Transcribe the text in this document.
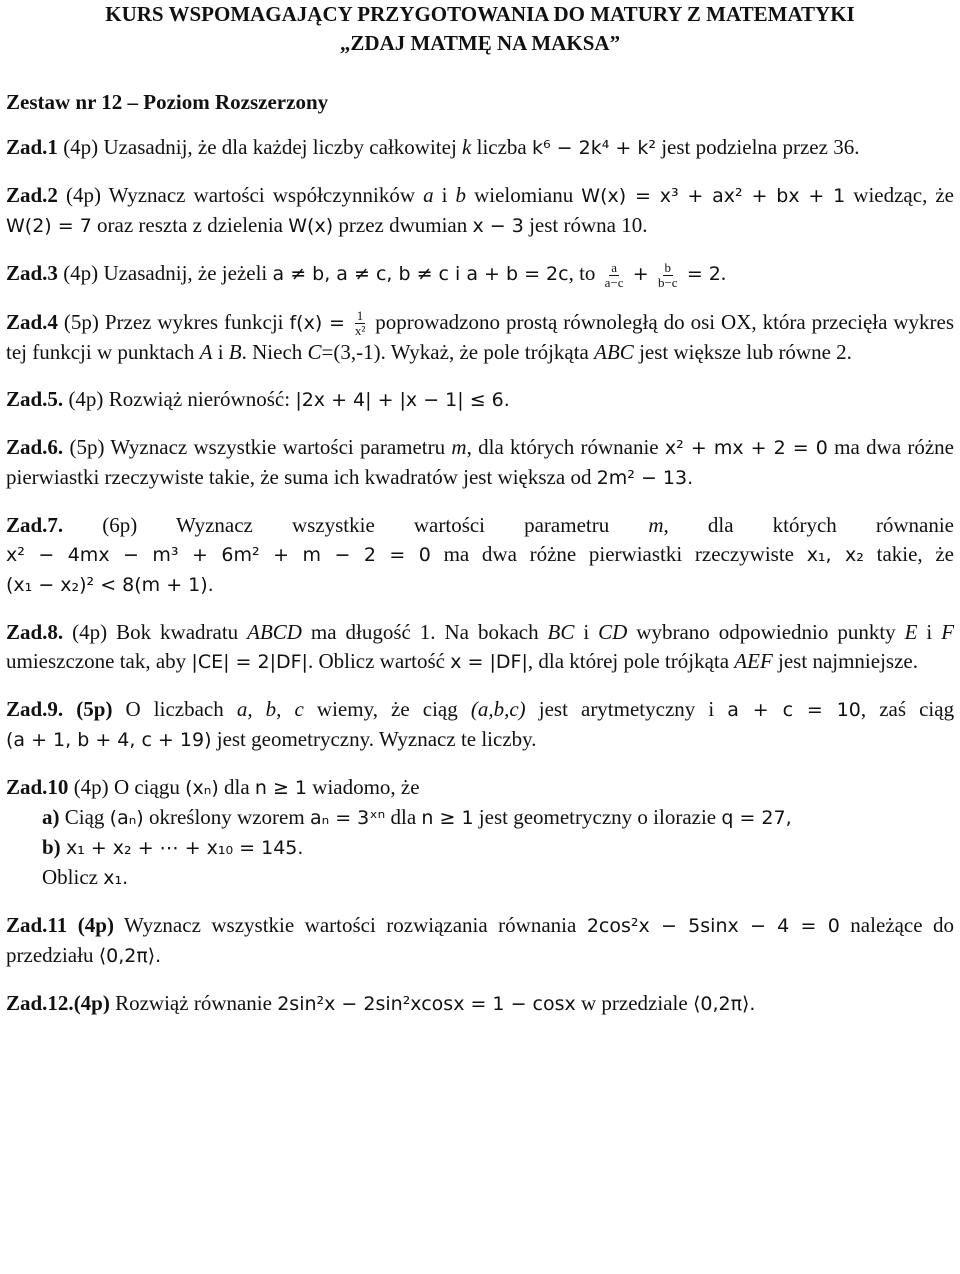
KURS WSPOMAGAJĄCY PRZYGOTOWANIA DO MATURY Z MATEMATYKI
„ZDAJ MATMĘ NA MAKSA”
Zestaw nr 12 – Poziom Rozszerzony
Zad.1 (4p) Uzasadnij, że dla każdej liczby całkowitej k liczba k⁶ − 2k⁴ + k² jest podzielna przez 36.
Zad.2 (4p) Wyznacz wartości współczynników a i b wielomianu W(x) = x³ + ax² + bx + 1 wiedząc, że W(2) = 7 oraz reszta z dzielenia W(x) przez dwumian x − 3 jest równa 10.
Zad.3 (4p) Uzasadnij, że jeżeli a ≠ b, a ≠ c, b ≠ c i a + b = 2c, to $\frac{a}{a-c} + \frac{b}{b-c} = 2$.
Zad.4 (5p) Przez wykres funkcji $f(x) = \frac{1}{\text{x²}}$ poprowadzono prostą równoległą do osi OX, która przecięła wykres tej funkcji w punktach A i B. Niech C=(3,-1). Wykaż, że pole trójkąta ABC jest większe lub równe 2.
Zad.5. (4p) Rozwiąż nierówność: |2x + 4| + |x − 1| ≤ 6.
Zad.6. (5p) Wyznacz wszystkie wartości parametru m, dla których równanie x² + mx + 2 = 0 ma dwa różne pierwiastki rzeczywiste takie, że suma ich kwadratów jest większa od 2m² − 13.
Zad.7. (6p) Wyznacz wszystkie wartości parametru m, dla których równanie x² − 4mx − m³ + 6m² + m − 2 = 0 ma dwa różne pierwiastki rzeczywiste x₁, x₂ takie, że (x₁ − x₂)² < 8(m + 1).
Zad.8. (4p) Bok kwadratu ABCD ma długość 1. Na bokach BC i CD wybrano odpowiednio punkty E i F umieszczone tak, aby |CE| = 2|DF|. Oblicz wartość x = |DF|, dla której pole trójkąta AEF jest najmniejsze.
Zad.9. (5p) O liczbach a, b, c wiemy, że ciąg (a,b,c) jest arytmetyczny i a + c = 10, zaś ciąg (a + 1, b + 4, c + 19) jest geometryczny. Wyznacz te liczby.
Zad.10 (4p) O ciągu (xₙ) dla n ≥ 1 wiadomo, że
a) Ciąg (aₙ) określony wzorem aₙ = 3ˣⁿ dla n ≥ 1 jest geometryczny o ilorazie q = 27,
b) x₁ + x₂ + ⋯ + x₁₀ = 145.
Oblicz x₁.
Zad.11 (4p) Wyznacz wszystkie wartości rozwiązania równania 2cos²x − 5sinx − 4 = 0 należące do przedziału ⟨0,2π⟩.
Zad.12.(4p) Rozwiąż równanie 2sin²x − 2sin²xcosx = 1 − cosx w przedziale ⟨0,2π⟩.
